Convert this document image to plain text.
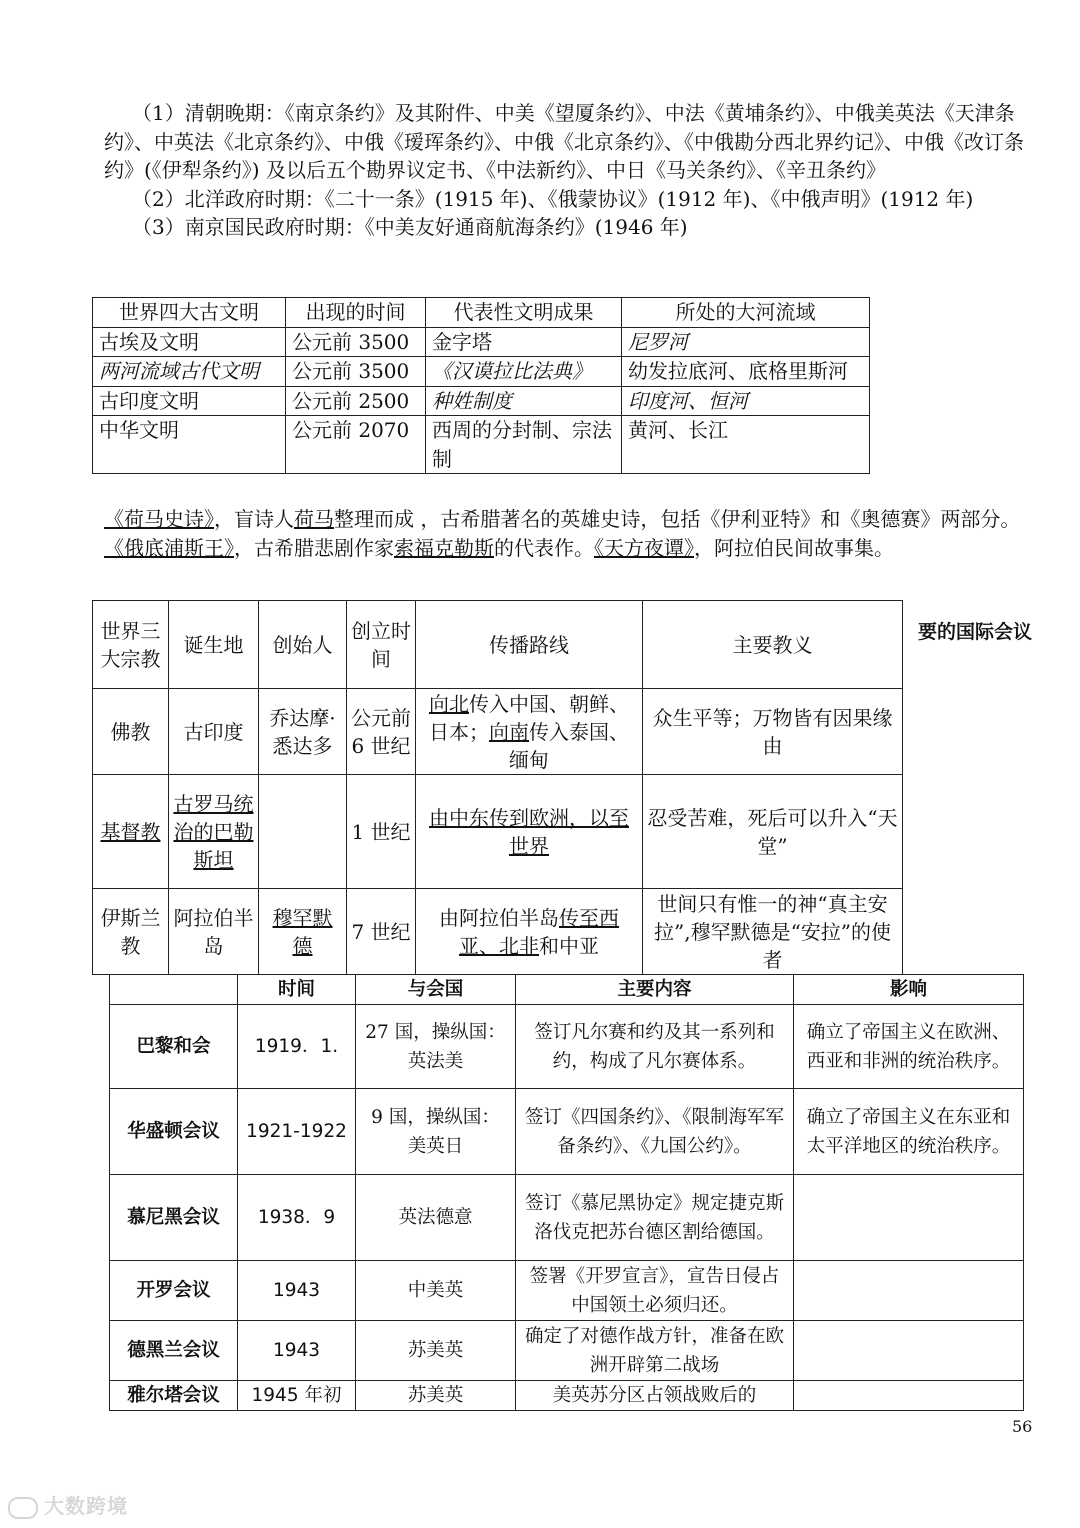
（1）清朝晚期：《南京条约》及其附件、中美《望厦条约》、中法《黄埔条约》、中俄美英法《天津条约》、中英法《北京条约》、中俄《瑷珲条约》、中俄《北京条约》、《中俄勘分西北界约记》、中俄《改订条约》(《伊犁条约》) 及以后五个勘界议定书、《中法新约》、中日《马关条约》、《辛丑条约》

（2）北洋政府时期：《二十一条》(1915 年)、《俄蒙协议》(1912 年)、《中俄声明》(1912 年)

（3）南京国民政府时期：《中美友好通商航海条约》(1946 年)

世界四大古文明	出现的时间	代表性文明成果	所处的大河流域
古埃及文明	公元前 3500	金字塔	尼罗河
两河流域古代文明	公元前 3500	《汉谟拉比法典》	幼发拉底河、底格里斯河
古印度文明	公元前 2500	种姓制度	印度河、恒河
中华文明	公元前 2070	西周的分封制、宗法制	黄河、长江
《荷马史诗》，盲诗人荷马整理而成 ，古希腊著名的英雄史诗，包括《伊利亚特》和《奥德赛》两部分。《俄底浦斯王》，古希腊悲剧作家索福克勒斯的代表作。《天方夜谭》，阿拉伯民间故事集。
世界三大宗教	诞生地	创始人	创立时间	传播路线	主要教义
佛教	古印度	乔达摩·悉达多	公元前 6 世纪	向北传入中国、朝鲜、日本；向南传入泰国、缅甸	众生平等；万物皆有因果缘由
基督教	古罗马统治的巴勒斯坦		1 世纪	由中东传到欧洲，以至世界	忍受苦难，死后可以升入“天堂”
伊斯兰教	阿拉伯半岛	穆罕默德	7 世纪	由阿拉伯半岛传至西亚、北非和中亚	世间只有惟一的神“真主安拉”,穆罕默德是“安拉”的使者
要的国际会议
	时间	与会国	主要内容	影响
巴黎和会	1919．1.	27 国，操纵国：英法美	签订凡尔赛和约及其一系列和约，构成了凡尔赛体系。	确立了帝国主义在欧洲、西亚和非洲的统治秩序。
华盛顿会议	1921-1922	9 国，操纵国：美英日	签订《四国条约》、《限制海军军备条约》、《九国公约》。	确立了帝国主义在东亚和太平洋地区的统治秩序。
慕尼黑会议	1938．9	英法德意	签订《慕尼黑协定》规定捷克斯洛伐克把苏台德区割给德国。	
开罗会议	1943	中美英	签署《开罗宣言》，宣告日侵占中国领土必须归还。	
德黑兰会议	1943	苏美英	确定了对德作战方针，准备在欧洲开辟第二战场	
雅尔塔会议	1945 年初	苏美英	美英苏分区占领战败后的	
56
大数跨境
